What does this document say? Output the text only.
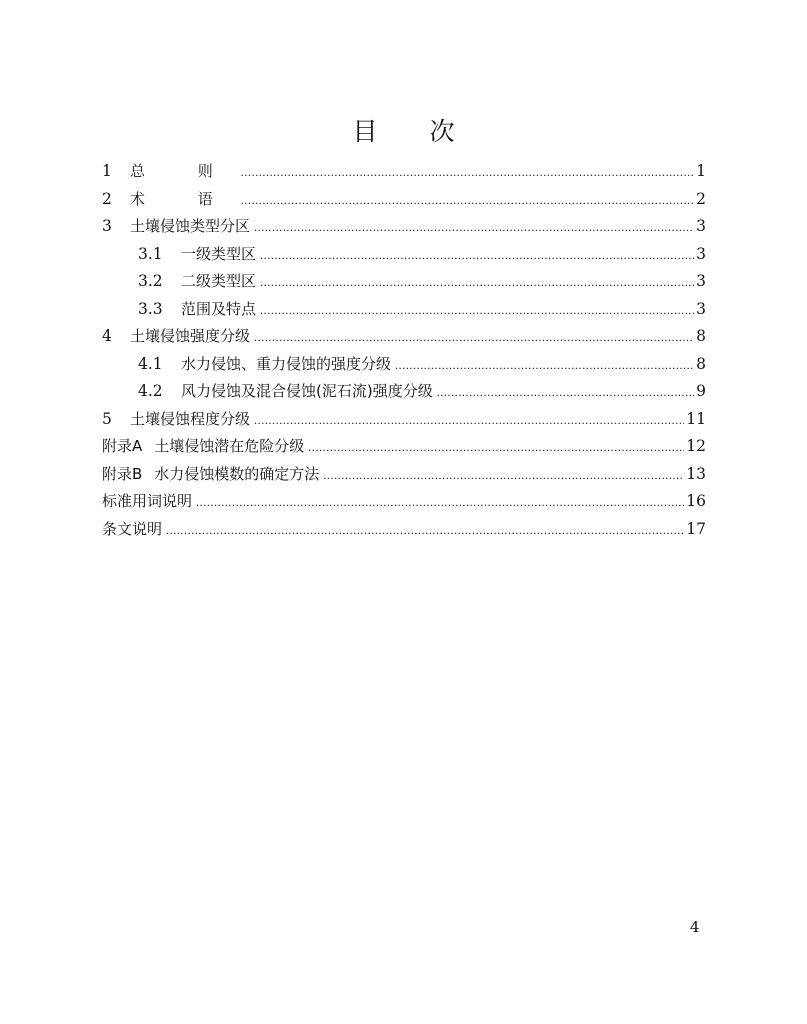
目 次
1	总 则 .....	1
2	术 语 .....	2
3	土壤侵蚀类型分区 .....	3
3.1	一级类型区 .....	3
3.2	二级类型区 .....	3
3.3	范围及特点 .....	3
4	土壤侵蚀强度分级 .....	8
4.1	水力侵蚀、重力侵蚀的强度分级 .....	8
4.2	风力侵蚀及混合侵蚀(泥石流)强度分级 .....	9
5	土壤侵蚀程度分级 .....	11
附录A 土壤侵蚀潜在危险分级 .....	12
附录B 水力侵蚀模数的确定方法 .....	13
标准用词说明 .....	16
条文说明 .....	17
4
